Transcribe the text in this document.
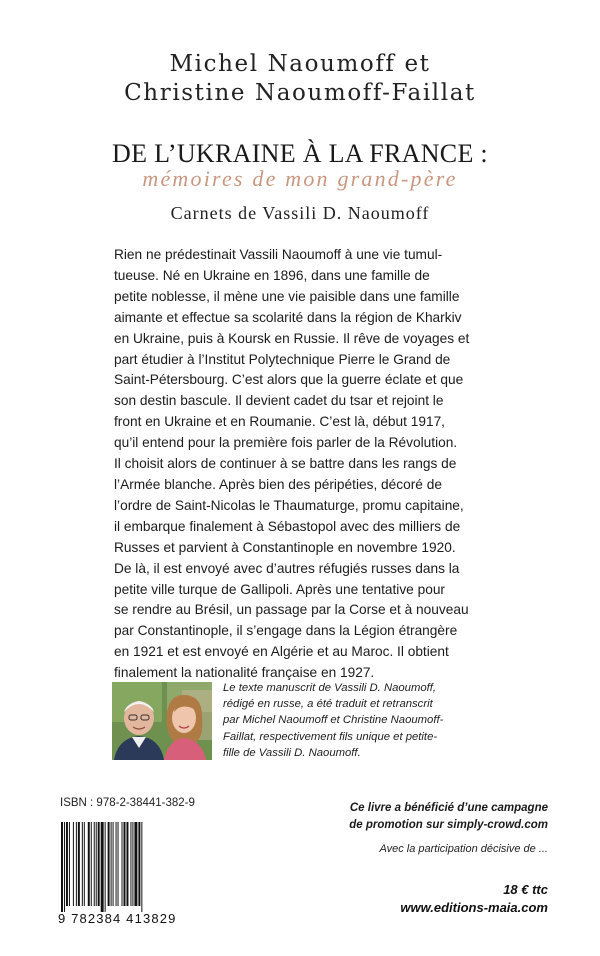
Michel Naoumoff et
Christine Naoumoff-Faillat
DE L’UKRAINE À LA FRANCE :
mémoires de mon grand-père
Carnets de Vassili D. Naoumoff
Rien ne prédestinait Vassili Naoumoff à une vie tumul-
tueuse. Né en Ukraine en 1896, dans une famille de
petite noblesse, il mène une vie paisible dans une famille
aimante et effectue sa scolarité dans la région de Kharkiv
en Ukraine, puis à Koursk en Russie. Il rêve de voyages et
part étudier à l’Institut Polytechnique Pierre le Grand de
Saint-Pétersbourg. C’est alors que la guerre éclate et que
son destin bascule. Il devient cadet du tsar et rejoint le
front en Ukraine et en Roumanie. C’est là, début 1917,
qu’il entend pour la première fois parler de la Révolution.
Il choisit alors de continuer à se battre dans les rangs de
l’Armée blanche. Après bien des péripéties, décoré de
l’ordre de Saint-Nicolas le Thaumaturge, promu capitaine,
il embarque finalement à Sébastopol avec des milliers de
Russes et parvient à Constantinople en novembre 1920.
De là, il est envoyé avec d’autres réfugiés russes dans la
petite ville turque de Gallipoli. Après une tentative pour
se rendre au Brésil, un passage par la Corse et à nouveau
par Constantinople, il s’engage dans la Légion étrangère
en 1921 et est envoyé en Algérie et au Maroc. Il obtient
finalement la nationalité française en 1927.
Le texte manuscrit de Vassili D. Naoumoff,
rédigé en russe, a été traduit et retranscrit
par Michel Naoumoff et Christine Naoumoff-
Faillat, respectivement fils unique et petite-
fille de Vassili D. Naoumoff.
ISBN : 978-2-38441-382-9
9 782384 413829
Ce livre a bénéficié d’une campagne
de promotion sur simply-crowd.com
Avec la participation décisive de ...
18 € ttc
www.editions-maia.com
